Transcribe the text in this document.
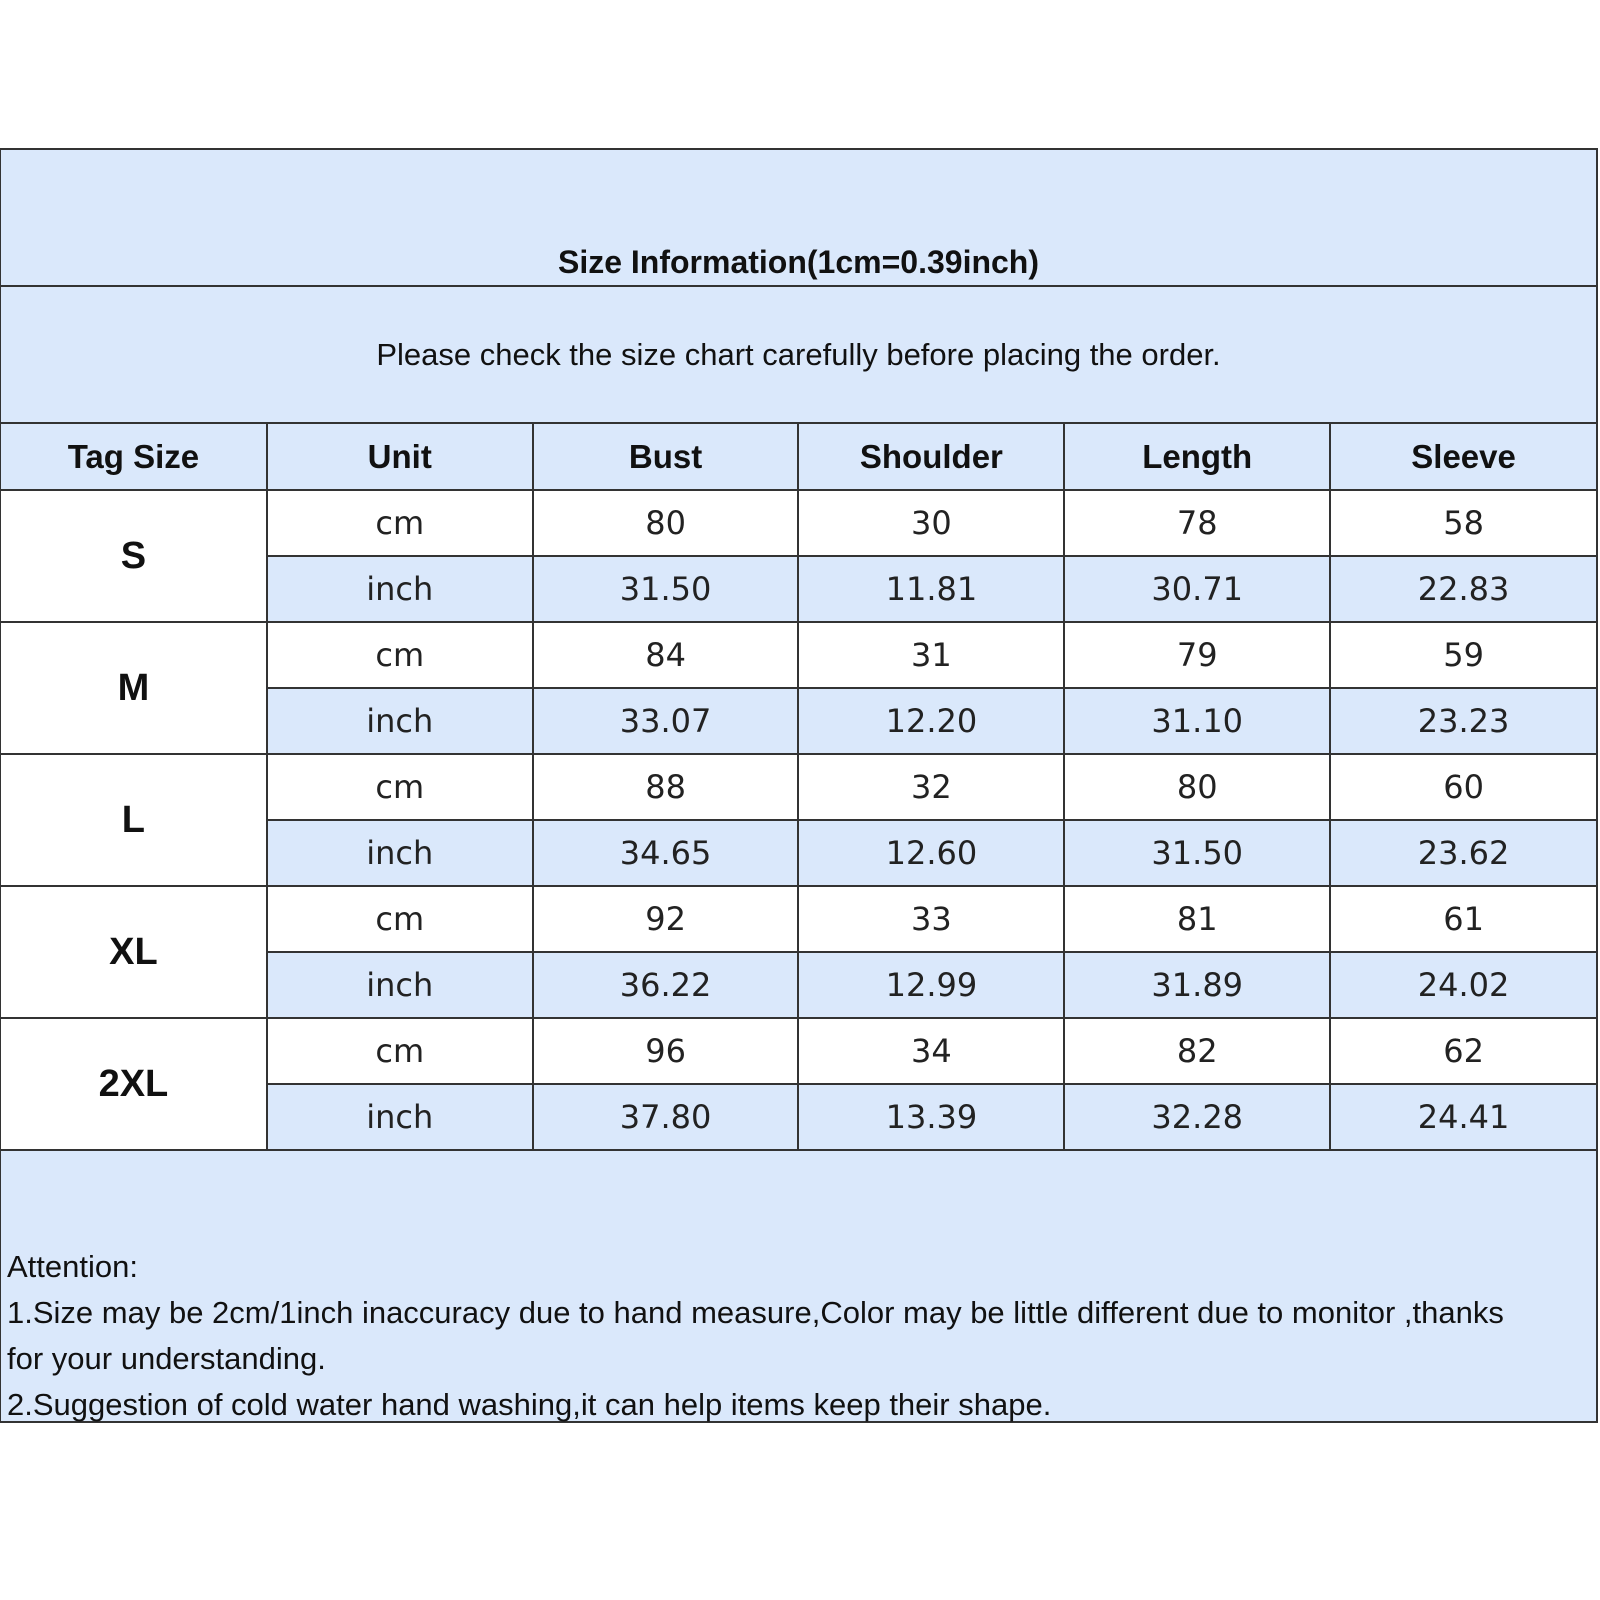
Size Information(1cm=0.39inch)
Please check the size chart carefully before placing the order.
Tag Size	Unit	Bust	Shoulder	Length	Sleeve
S	cm	80	30	78	58
	inch	31.50	11.81	30.71	22.83
M	cm	84	31	79	59
	inch	33.07	12.20	31.10	23.23
L	cm	88	32	80	60
	inch	34.65	12.60	31.50	23.62
XL	cm	92	33	81	61
	inch	36.22	12.99	31.89	24.02
2XL	cm	96	34	82	62
	inch	37.80	13.39	32.28	24.41
Attention:
1.Size may be 2cm/1inch inaccuracy due to hand measure,Color may be little different due to monitor ,thanks
for your understanding.
2.Suggestion of cold water hand washing,it can help items keep their shape.
